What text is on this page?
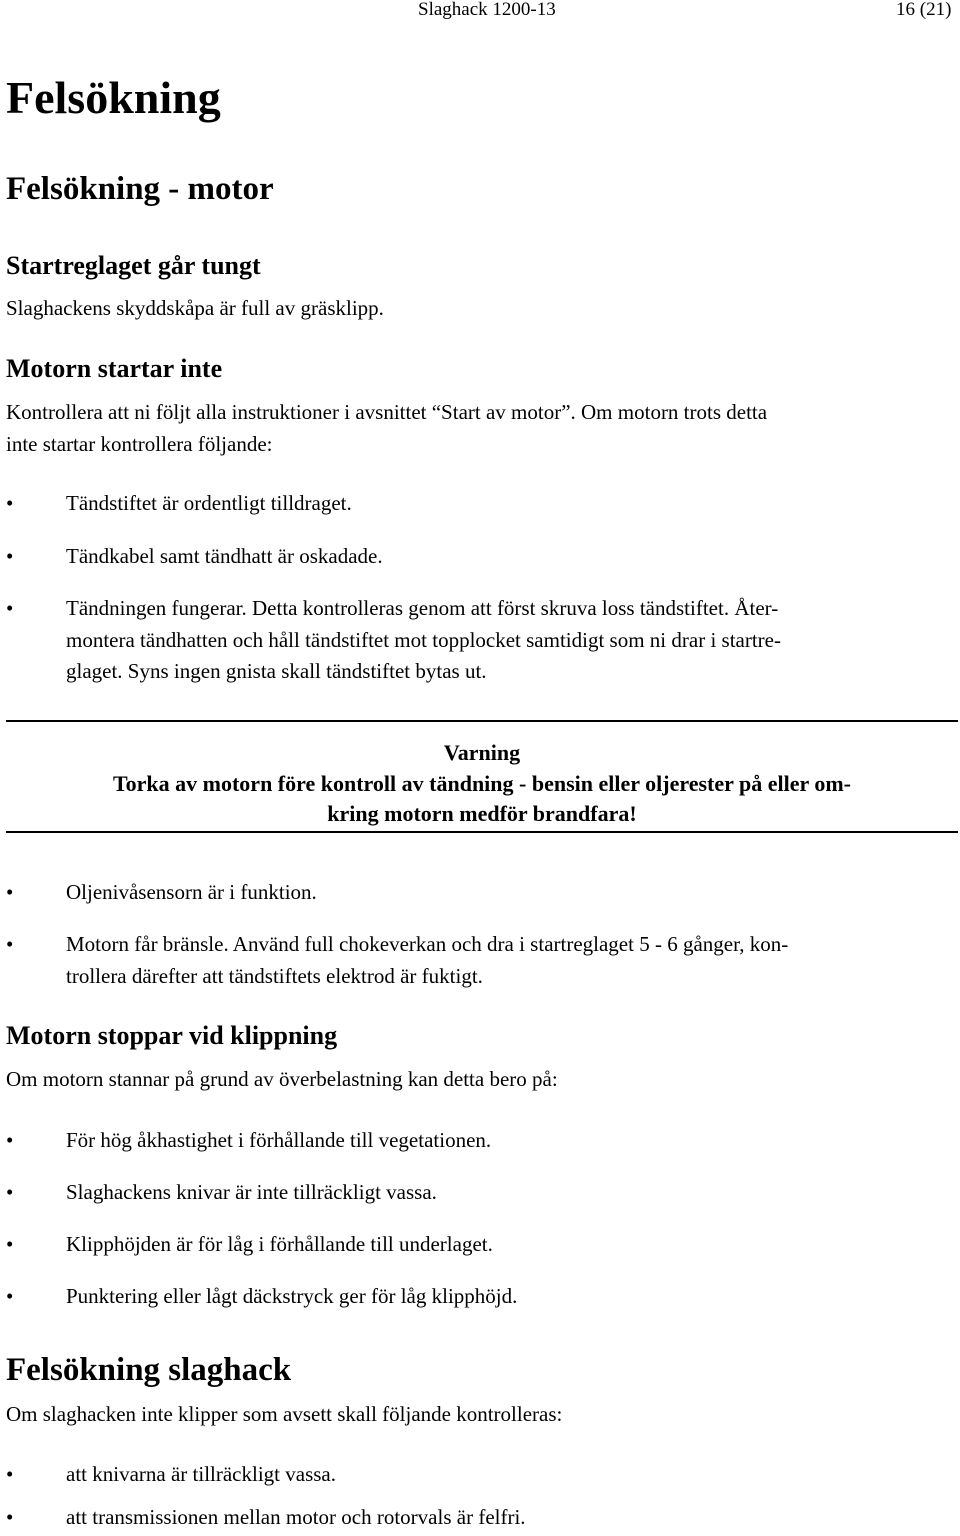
Slaghack 1200-13	16 (21)
Felsökning
Felsökning - motor
Startreglaget går tungt
Slaghackens skyddskåpa är full av gräsklipp.
Motorn startar inte
Kontrollera att ni följt alla instruktioner i avsnittet “Start av motor”. Om motorn trots detta
inte startar kontrollera följande:
•	Tändstiftet är ordentligt tilldraget.
•	Tändkabel samt tändhatt är oskadade.
•	Tändningen fungerar. Detta kontrolleras genom att först skruva loss tändstiftet. Åter-
montera tändhatten och håll tändstiftet mot topplocket samtidigt som ni drar i startre-
glaget. Syns ingen gnista skall tändstiftet bytas ut.
Varning
Torka av motorn före kontroll av tändning - bensin eller oljerester på eller om-
kring motorn medför brandfara!
•	Oljenivåsensorn är i funktion.
•	Motorn får bränsle. Använd full chokeverkan och dra i startreglaget 5 - 6 gånger, kon-
trollera därefter att tändstiftets elektrod är fuktigt.
Motorn stoppar vid klippning
Om motorn stannar på grund av överbelastning kan detta bero på:
•	För hög åkhastighet i förhållande till vegetationen.
•	Slaghackens knivar är inte tillräckligt vassa.
•	Klipphöjden är för låg i förhållande till underlaget.
•	Punktering eller lågt däckstryck ger för låg klipphöjd.
Felsökning slaghack
Om slaghacken inte klipper som avsett skall följande kontrolleras:
•	att knivarna är tillräckligt vassa.
•	att transmissionen mellan motor och rotorvals är felfri.
